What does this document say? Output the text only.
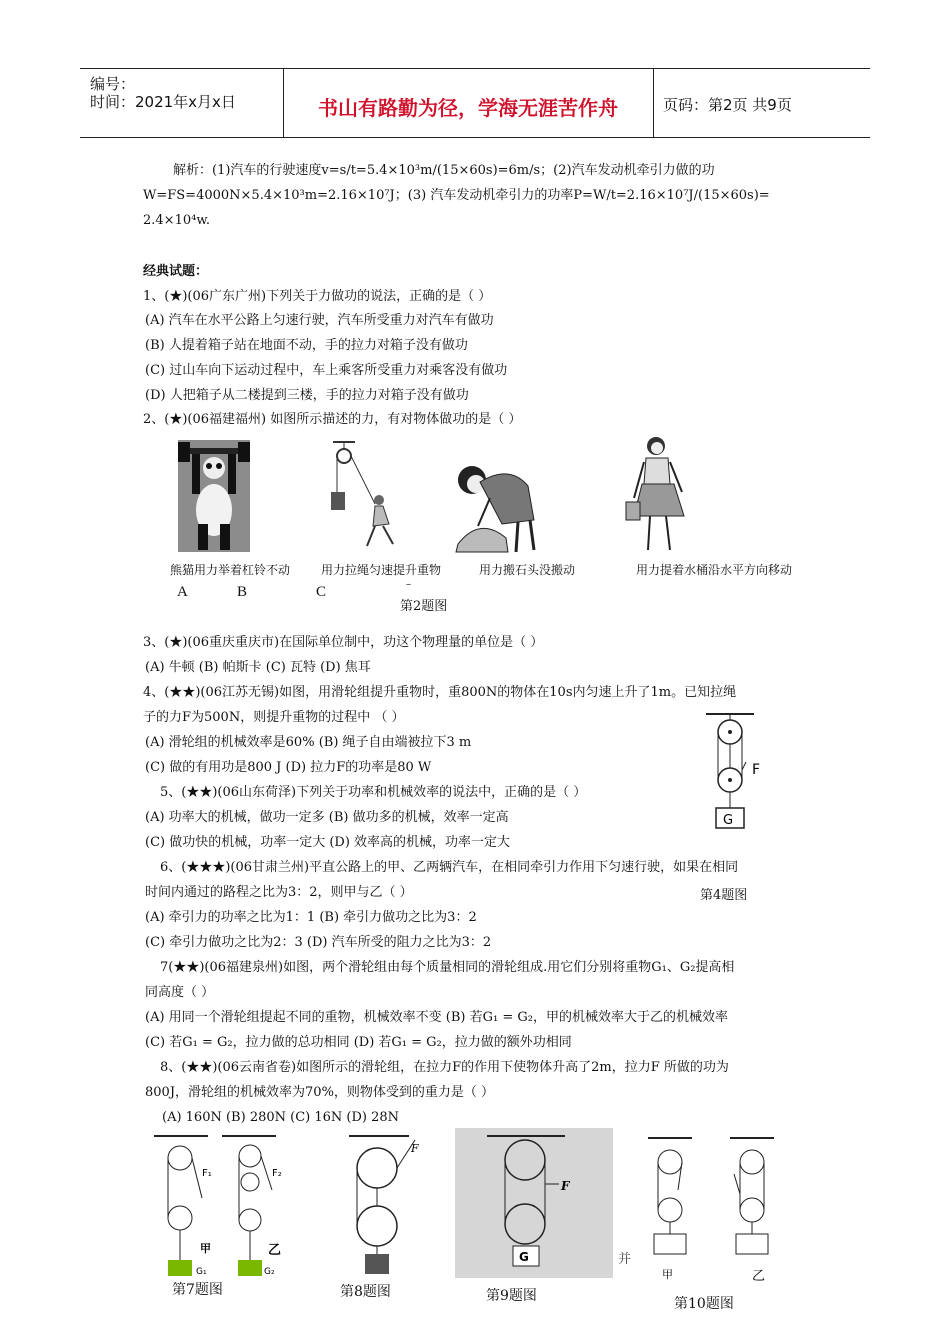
编号：
时间：2021年x月x日	书山有路勤为径，学海无涯苦作舟	页码：第2页 共9页
解析：(1)汽车的行驶速度v=s/t=5.4×10³m/(15×60s)=6m/s；(2)汽车发动机牵引力做的功
W=FS=4000N×5.4×10³m=2.16×10⁷J；(3) 汽车发动机牵引力的功率P=W/t=2.16×10⁷J/(15×60s)=
2.4×10⁴w.
经典试题：
1、(★)(06广东广州)下列关于力做功的说法，正确的是（ ）
(A) 汽车在水平公路上匀速行驶，汽车所受重力对汽车有做功
(B) 人提着箱子站在地面不动，手的拉力对箱子没有做功
(C) 过山车向下运动过程中，车上乘客所受重力对乘客没有做功
(D) 人把箱子从二楼提到三楼，手的拉力对箱子没有做功
2、(★)(06福建福州) 如图所示描述的力，有对物体做功的是（ ）
熊猫用力举着杠铃不动	用力拉绳匀速提升重物	用力搬石头没搬动	用力提着水桶沿水平方向移动
A	B	C	–
第2题图
3、(★)(06重庆重庆市)在国际单位制中，功这个物理量的单位是（ ）
(A) 牛顿 (B) 帕斯卡 (C) 瓦特 (D) 焦耳
4、(★★)(06江苏无锡)如图，用滑轮组提升重物时，重800N的物体在10s内匀速上升了1m。已知拉绳
子的力F为500N，则提升重物的过程中 （ ）
(A) 滑轮组的机械效率是60% (B) 绳子自由端被拉下3 m
(C) 做的有用功是800 J (D) 拉力F的功率是80 W	F
G
5、(★★)(06山东荷泽)下列关于功率和机械效率的说法中，正确的是（ ）
(A) 功率大的机械，做功一定多 (B) 做功多的机械，效率一定高
(C) 做功快的机械，功率一定大 (D) 效率高的机械，功率一定大
6、(★★★)(06甘肃兰州)平直公路上的甲、乙两辆汽车，在相同牵引力作用下匀速行驶，如果在相同
时间内通过的路程之比为3：2，则甲与乙（ ）	第4题图
(A) 牵引力的功率之比为1：1 (B) 牵引力做功之比为3：2
(C) 牵引力做功之比为2：3 (D) 汽车所受的阻力之比为3：2
7(★★)(06福建泉州)如图，两个滑轮组由每个质量相同的滑轮组成.用它们分别将重物G₁、G₂提高相
同高度（ ）
(A) 用同一个滑轮组提起不同的重物，机械效率不变 (B) 若G₁ = G₂，甲的机械效率大于乙的机械效率
(C) 若G₁ = G₂，拉力做的总功相同 (D) 若G₁ = G₂，拉力做的额外功相同
8、(★★)(06云南省卷)如图所示的滑轮组，在拉力F的作用下使物体升高了2m，拉力F 所做的功为
800J，滑轮组的机械效率为70%，则物体受到的重力是（ ）
(A) 160N (B) 280N (C) 16N (D) 28N
F₁	F₂
甲	乙
G₁	G₂
第7题图
F
第8题图
F
G	并
第9题图
甲	乙
第10题图
